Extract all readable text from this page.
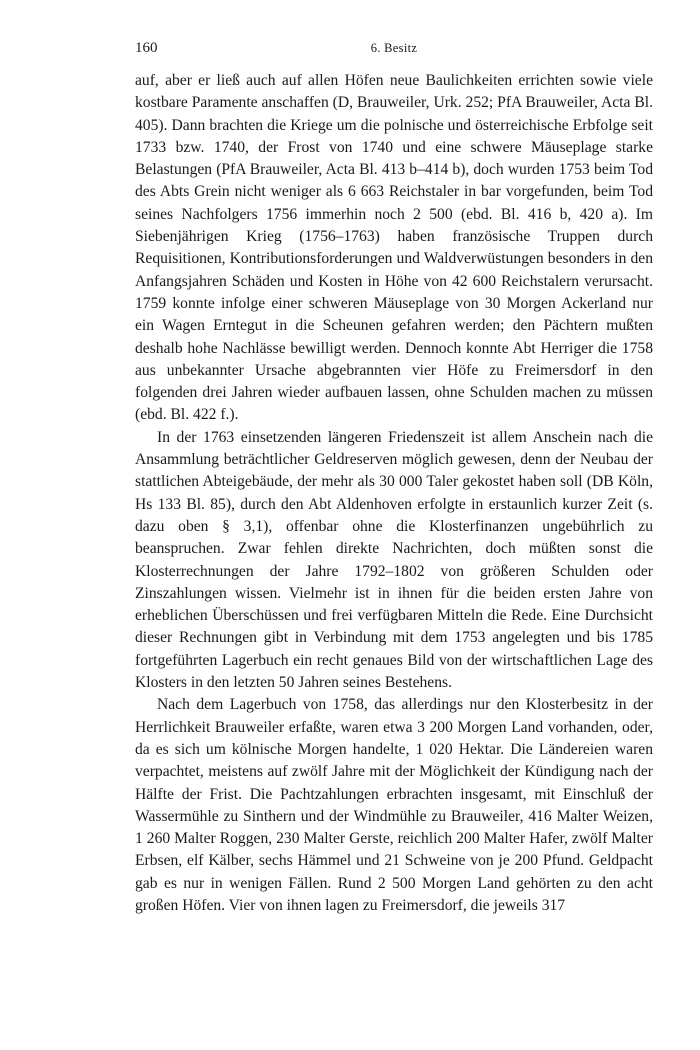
160	6. Besitz

auf, aber er ließ auch auf allen Höfen neue Baulichkeiten errichten sowie viele kostbare Paramente anschaffen (D, Brauweiler, Urk. 252; PfA Brauweiler, Acta Bl. 405). Dann brachten die Kriege um die polnische und österreichische Erbfolge seit 1733 bzw. 1740, der Frost von 1740 und eine schwere Mäuseplage starke Belastungen (PfA Brauweiler, Acta Bl. 413 b–414 b), doch wurden 1753 beim Tod des Abts Grein nicht weniger als 6 663 Reichstaler in bar vorgefunden, beim Tod seines Nachfolgers 1756 immerhin noch 2 500 (ebd. Bl. 416 b, 420 a). Im Siebenjährigen Krieg (1756–1763) haben französische Truppen durch Requisitionen, Kontributionsforderungen und Waldverwüstungen besonders in den Anfangsjahren Schäden und Kosten in Höhe von 42 600 Reichstalern verursacht. 1759 konnte infolge einer schweren Mäuseplage von 30 Morgen Ackerland nur ein Wagen Erntegut in die Scheunen gefahren werden; den Pächtern mußten deshalb hohe Nachlässe bewilligt werden. Dennoch konnte Abt Herriger die 1758 aus unbekannter Ursache abgebrannten vier Höfe zu Freimersdorf in den folgenden drei Jahren wieder aufbauen lassen, ohne Schulden machen zu müssen (ebd. Bl. 422 f.).

In der 1763 einsetzenden längeren Friedenszeit ist allem Anschein nach die Ansammlung beträchtlicher Geldreserven möglich gewesen, denn der Neubau der stattlichen Abteigebäude, der mehr als 30 000 Taler gekostet haben soll (DB Köln, Hs 133 Bl. 85), durch den Abt Aldenhoven erfolgte in erstaunlich kurzer Zeit (s. dazu oben § 3,1), offenbar ohne die Klosterfinanzen ungebührlich zu beanspruchen. Zwar fehlen direkte Nachrichten, doch müßten sonst die Klosterrechnungen der Jahre 1792–1802 von größeren Schulden oder Zinszahlungen wissen. Vielmehr ist in ihnen für die beiden ersten Jahre von erheblichen Überschüssen und frei verfügbaren Mitteln die Rede. Eine Durchsicht dieser Rechnungen gibt in Verbindung mit dem 1753 angelegten und bis 1785 fortgeführten Lagerbuch ein recht genaues Bild von der wirtschaftlichen Lage des Klosters in den letzten 50 Jahren seines Bestehens.

Nach dem Lagerbuch von 1758, das allerdings nur den Klosterbesitz in der Herrlichkeit Brauweiler erfaßte, waren etwa 3 200 Morgen Land vorhanden, oder, da es sich um kölnische Morgen handelte, 1 020 Hektar. Die Ländereien waren verpachtet, meistens auf zwölf Jahre mit der Möglichkeit der Kündigung nach der Hälfte der Frist. Die Pachtzahlungen erbrachten insgesamt, mit Einschluß der Wassermühle zu Sinthern und der Windmühle zu Brauweiler, 416 Malter Weizen, 1 260 Malter Roggen, 230 Malter Gerste, reichlich 200 Malter Hafer, zwölf Malter Erbsen, elf Kälber, sechs Hämmel und 21 Schweine von je 200 Pfund. Geldpacht gab es nur in wenigen Fällen. Rund 2 500 Morgen Land gehörten zu den acht großen Höfen. Vier von ihnen lagen zu Freimersdorf, die jeweils 317
